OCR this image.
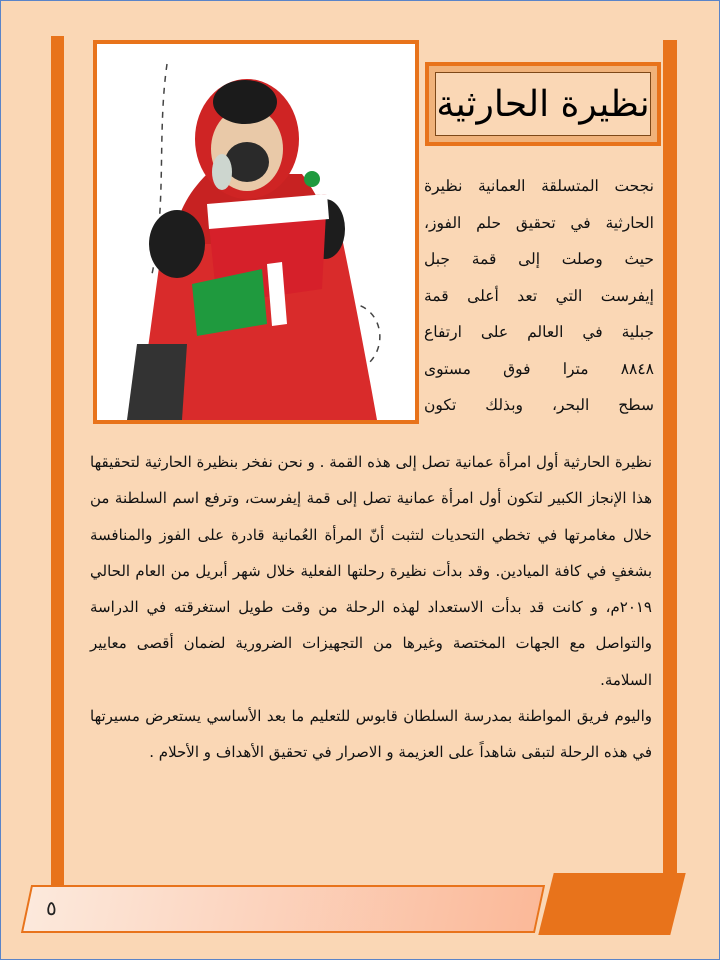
نظيرة الحارثية
نجحت المتسلقة العمانية نظيرة
الحارثية في تحقيق حلم الفوز،
حيث وصلت إلى قمة جبل
إيفرست التي تعد أعلى قمة
جبلية في العالم على ارتفاع
٨٨٤٨ مترا فوق مستوى
سطح البحر، وبذلك تكون

نظيرة الحارثية أول امرأة عمانية تصل إلى هذه القمة . و نحن نفخر بنظيرة الحارثية لتحقيقها هذا الإنجاز الكبير لتكون أول امرأة عمانية تصل إلى قمة إيفرست، وترفع اسم السلطنة من خلال مغامرتها في تخطي التحديات لتثبت أنّ المرأة العُمانية قادرة على الفوز والمنافسة بشغفٍ في كافة الميادين. وقد بدأت نظيرة رحلتها الفعلية خلال شهر أبريل من العام الحالي ٢٠١٩م، و كانت قد بدأت الاستعداد لهذه الرحلة من وقت طويل استغرقته في الدراسة والتواصل مع الجهات المختصة وغيرها من التجهيزات الضرورية لضمان أقصى معايير السلامة.

واليوم فريق المواطنة بمدرسة السلطان قابوس للتعليم ما بعد الأساسي يستعرض مسيرتها في هذه الرحلة لتبقى شاهداً على العزيمة و الاصرار في تحقيق الأهداف و الأحلام .

٥
